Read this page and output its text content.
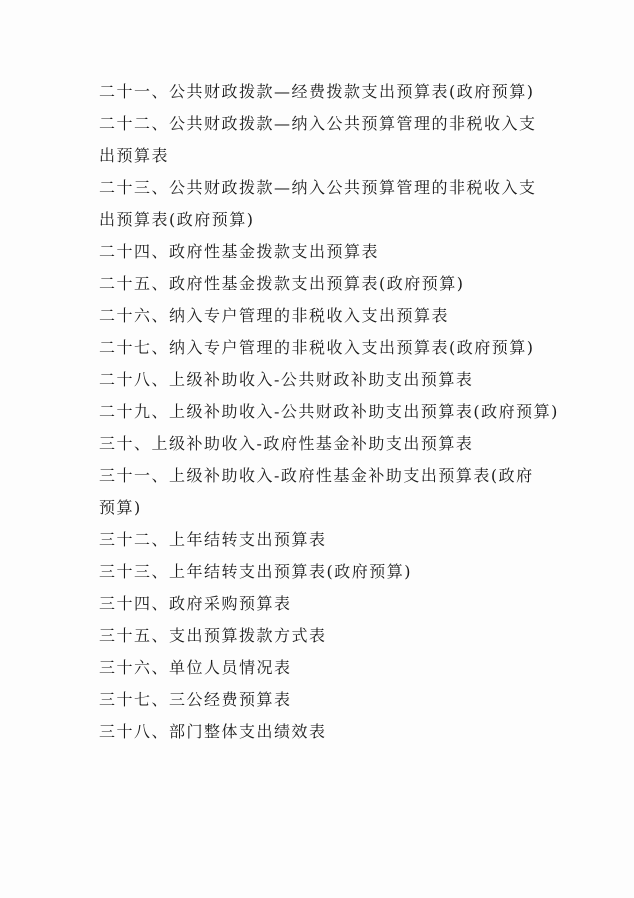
二十一、公共财政拨款—经费拨款支出预算表(政府预算)
二十二、公共财政拨款—纳入公共预算管理的非税收入支出预算表
二十三、公共财政拨款—纳入公共预算管理的非税收入支出预算表(政府预算)
二十四、政府性基金拨款支出预算表
二十五、政府性基金拨款支出预算表(政府预算)
二十六、纳入专户管理的非税收入支出预算表
二十七、纳入专户管理的非税收入支出预算表(政府预算)
二十八、上级补助收入-公共财政补助支出预算表
二十九、上级补助收入-公共财政补助支出预算表(政府预算)
三十、上级补助收入-政府性基金补助支出预算表
三十一、上级补助收入-政府性基金补助支出预算表(政府预算)
三十二、上年结转支出预算表
三十三、上年结转支出预算表(政府预算)
三十四、政府采购预算表
三十五、支出预算拨款方式表
三十六、单位人员情况表
三十七、三公经费预算表
三十八、部门整体支出绩效表
